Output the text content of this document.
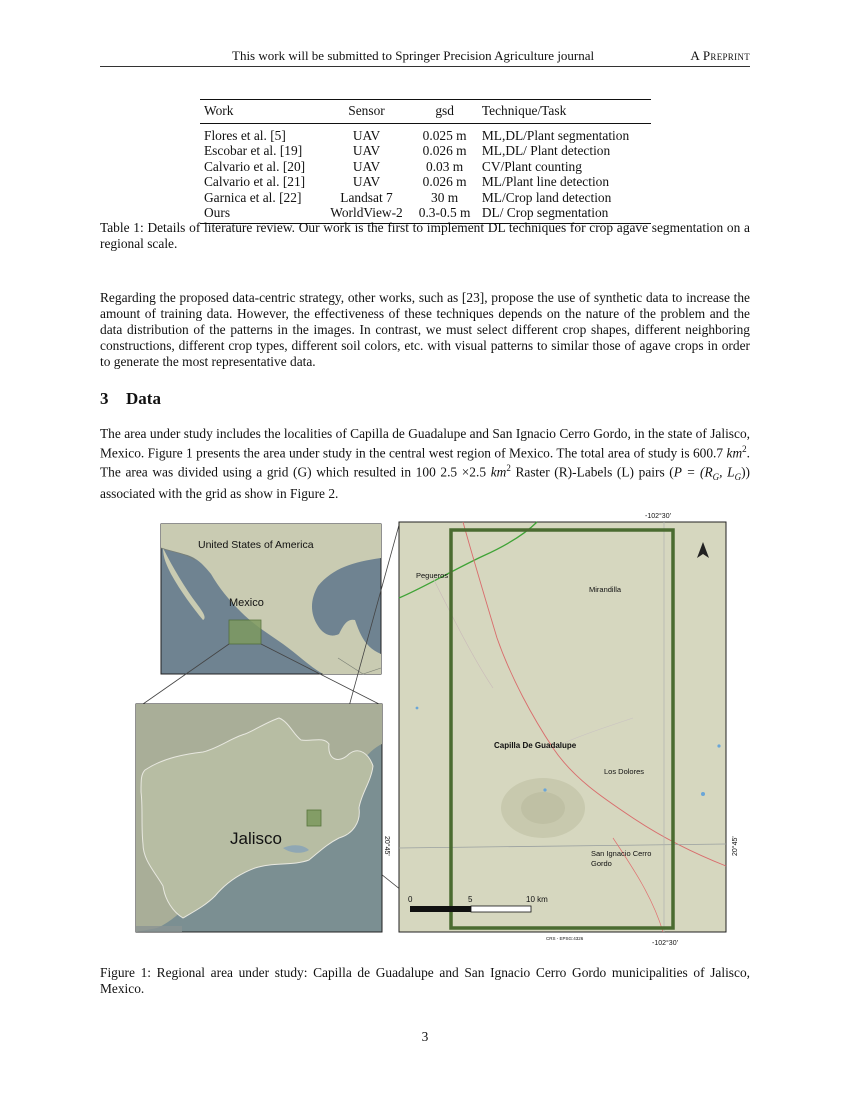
This work will be submitted to Springer Precision Agriculture journal	A Preprint
Work	Sensor	gsd	Technique/Task
Flores et al. [5]	UAV	0.025 m	ML,DL/Plant segmentation
Escobar et al. [19]	UAV	0.026 m	ML,DL/ Plant detection
Calvario et al. [20]	UAV	0.03 m	CV/Plant counting
Calvario et al. [21]	UAV	0.026 m	ML/Plant line detection
Garnica et al. [22]	Landsat 7	30 m	ML/Crop land detection
Ours	WorldView-2	0.3-0.5 m	DL/ Crop segmentation
Table 1: Details of literature review. Our work is the first to implement DL techniques for crop agave segmentation on a regional scale.
Regarding the proposed data-centric strategy, other works, such as [23], propose the use of synthetic data to increase the amount of training data. However, the effectiveness of these techniques depends on the nature of the problem and the data distribution of the patterns in the images. In contrast, we must select different crop shapes, different neighboring constructions, different crop types, different soil colors, etc. with visual patterns to similar those of agave crops in order to generate the most representative data.
3 Data
The area under study includes the localities of Capilla de Guadalupe and San Ignacio Cerro Gordo, in the state of Jalisco, Mexico. Figure 1 presents the area under study in the central west region of Mexico. The total area of study is 600.7 $km^2$. The area was divided using a grid (G) which resulted in 100 2.5 ×2.5 $km^2$ Raster (R)-Labels (L) pairs ($P = (R_G$, $L_G$)) associated with the grid as show in Figure 2.
United States of America
Mexico
Jalisco
Pegueros
Mirandilla
Capilla De Guadalupe
Los Dolores
San Ignacio Cerro
Gordo
-102°30'
-102°30'
20°45'	20°45'
0	5	10 km
CRS - EPSG:4326
Figure 1: Regional area under study: Capilla de Guadalupe and San Ignacio Cerro Gordo municipalities of Jalisco, Mexico.
3
